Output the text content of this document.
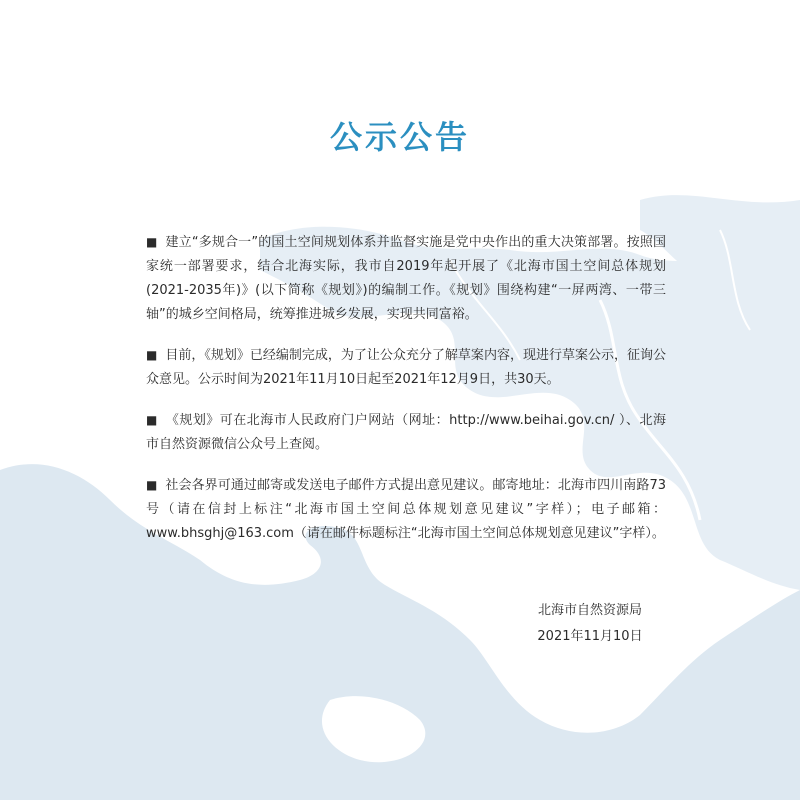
公示公告

■ 建立“多规合一”的国土空间规划体系并监督实施是党中央作出的重大决策部署。按照国家统一部署要求，结合北海实际，我市自2019年起开展了《北海市国土空间总体规划(2021-2035年)》(以下简称《规划》)的编制工作。《规划》围绕构建“一屏两湾、一带三轴”的城乡空间格局，统筹推进城乡发展，实现共同富裕。

■ 目前，《规划》已经编制完成，为了让公众充分了解草案内容，现进行草案公示，征询公众意见。公示时间为2021年11月10日起至2021年12月9日，共30天。

■ 《规划》可在北海市人民政府门户网站（网址：http://www.beihai.gov.cn/ ）、北海市自然资源微信公众号上查阅。

■ 社会各界可通过邮寄或发送电子邮件方式提出意见建议。邮寄地址：北海市四川南路73号（请在信封上标注“北海市国土空间总体规划意见建议”字样）；电子邮箱：www.bhsghj@163.com（请在邮件标题标注“北海市国土空间总体规划意见建议”字样）。

北海市自然资源局
2021年11月10日
